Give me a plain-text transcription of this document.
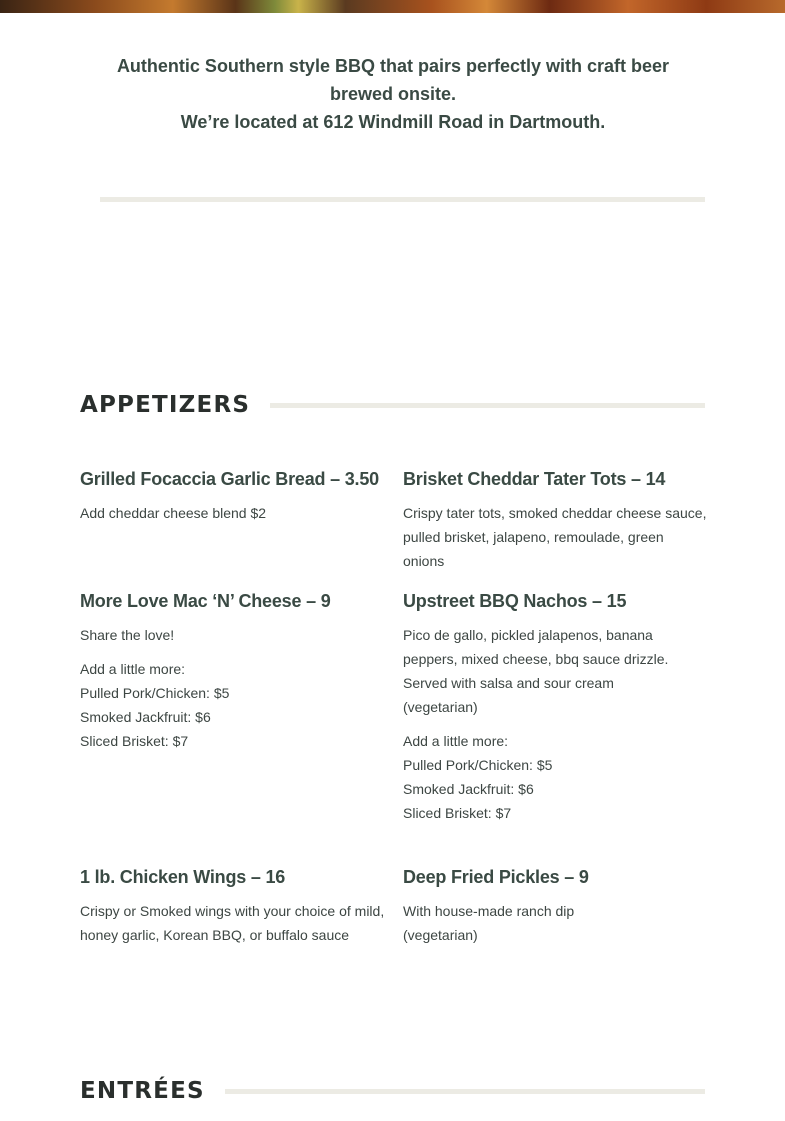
Authentic Southern style BBQ that pairs perfectly with craft beer brewed onsite.

We’re located at 612 Windmill Road in Dartmouth.

APPETIZERS
Grilled Focaccia Garlic Bread – 3.50

Add cheddar cheese blend $2

Brisket Cheddar Tater Tots – 14

Crispy tater tots, smoked cheddar cheese sauce, pulled brisket, jalapeno, remoulade, green onions

More Love Mac ‘N’ Cheese – 9

Share the love!

Add a little more:
Pulled Pork/Chicken: $5
Smoked Jackfruit: $6
Sliced Brisket: $7

Upstreet BBQ Nachos – 15

Pico de gallo, pickled jalapenos, banana peppers, mixed cheese, bbq sauce drizzle. Served with salsa and sour cream
(vegetarian)

Add a little more:
Pulled Pork/Chicken: $5
Smoked Jackfruit: $6
Sliced Brisket: $7

1 lb. Chicken Wings – 16

Crispy or Smoked wings with your choice of mild, honey garlic, Korean BBQ, or buffalo sauce

Deep Fried Pickles – 9

With house-made ranch dip
(vegetarian)

ENTRÉES
